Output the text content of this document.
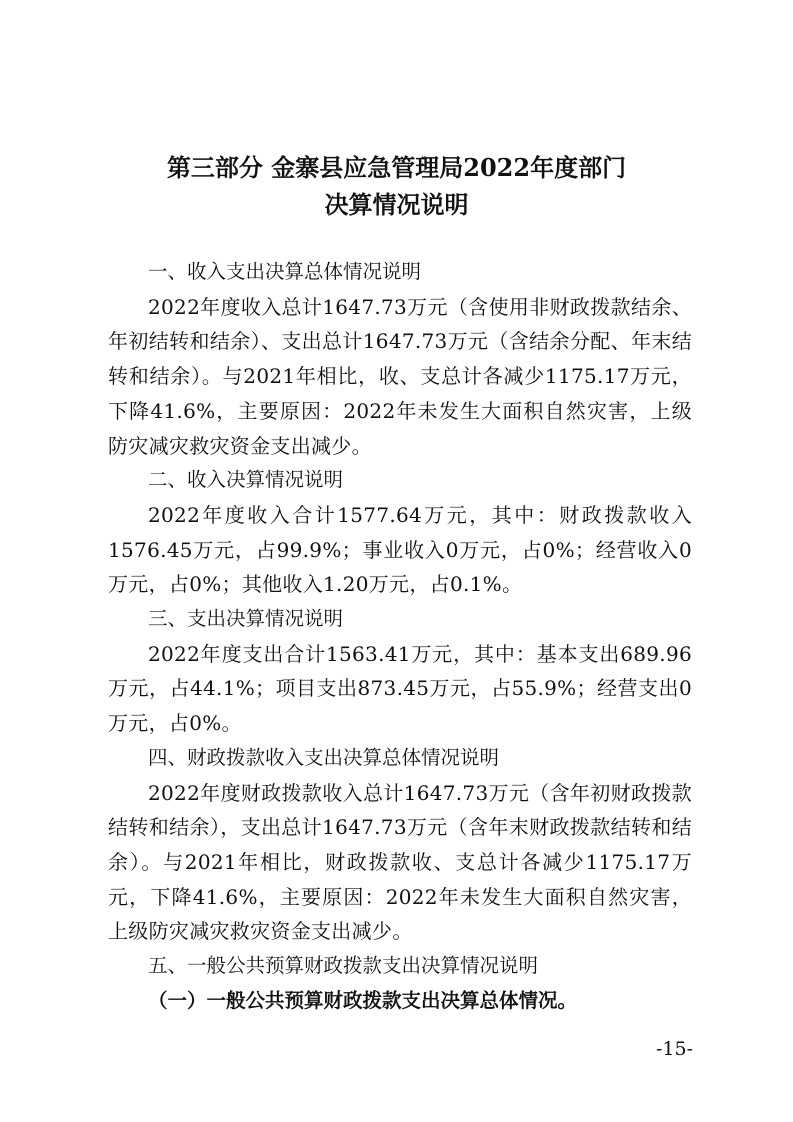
第三部分 金寨县应急管理局2022年度部门
决算情况说明

一、收入支出决算总体情况说明

2022年度收入总计1647.73万元（含使用非财政拨款结余、年初结转和结余）、支出总计1647.73万元（含结余分配、年末结转和结余）。与2021年相比，收、支总计各减少1175.17万元，下降41.6%，主要原因：2022年未发生大面积自然灾害，上级防灾减灾救灾资金支出减少。

二、收入决算情况说明

2022年度收入合计1577.64万元，其中：财政拨款收入1576.45万元，占99.9%；事业收入0万元，占0%；经营收入0万元，占0%；其他收入1.20万元，占0.1%。

三、支出决算情况说明

2022年度支出合计1563.41万元，其中：基本支出689.96万元，占44.1%；项目支出873.45万元，占55.9%；经营支出0万元，占0%。

四、财政拨款收入支出决算总体情况说明

2022年度财政拨款收入总计1647.73万元（含年初财政拨款结转和结余），支出总计1647.73万元（含年末财政拨款结转和结余）。与2021年相比，财政拨款收、支总计各减少1175.17万元，下降41.6%，主要原因：2022年未发生大面积自然灾害，上级防灾减灾救灾资金支出减少。

五、一般公共预算财政拨款支出决算情况说明

（一）一般公共预算财政拨款支出决算总体情况。

-15-
